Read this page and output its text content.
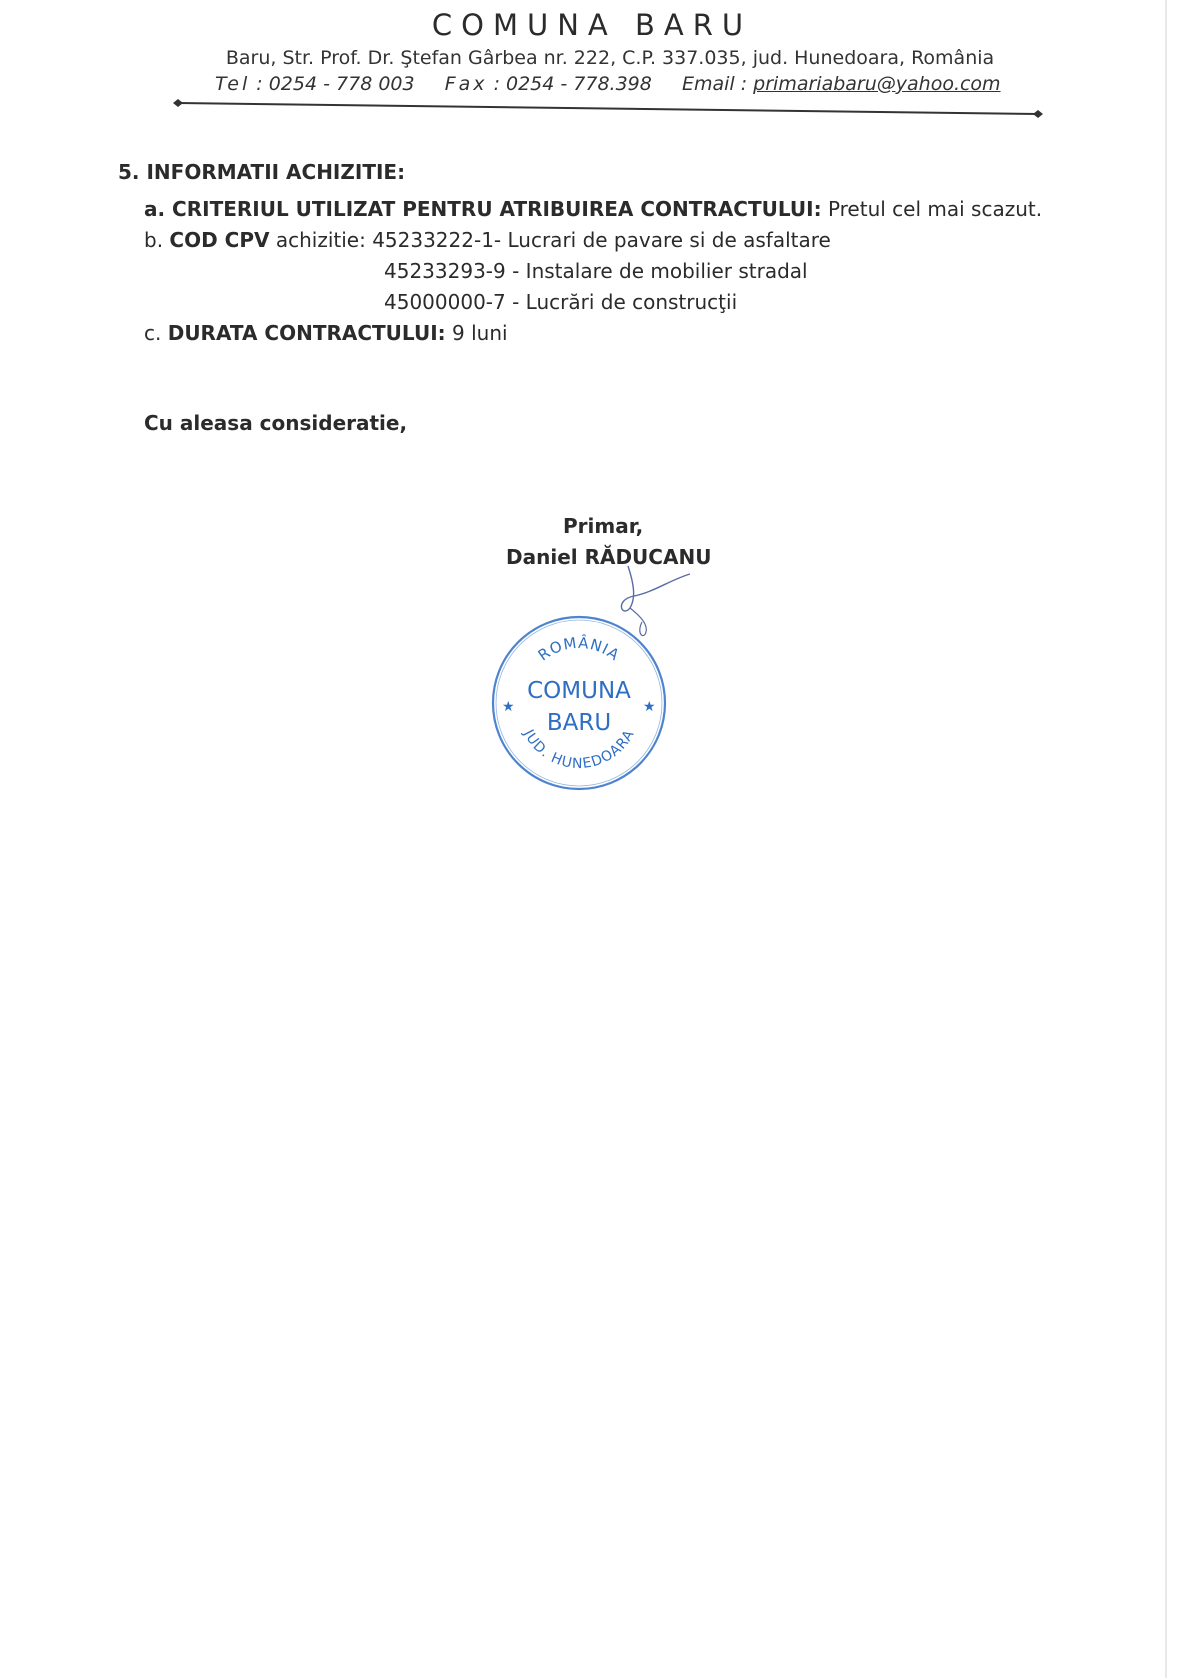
COMUNA BARU
Baru, Str. Prof. Dr. Ştefan Gârbea nr. 222, C.P. 337.035, jud. Hunedoara, România
Tel : 0254 - 778 003 Fax : 0254 - 778.398 Email : primariabaru@yahoo.com
5. INFORMATII ACHIZITIE:
a. CRITERIUL UTILIZAT PENTRU ATRIBUIREA CONTRACTULUI: Pretul cel mai scazut.
b. COD CPV achizitie: 45233222-1- Lucrari de pavare si de asfaltare
45233293-9 - Instalare de mobilier stradal
45000000-7 - Lucrări de construcţii
c. DURATA CONTRACTULUI: 9 luni
Cu aleasa consideratie,
Primar,
Daniel RĂDUCANU
ROMÂNIA
COMUNA
BARU
★	★
JUD. HUNEDOARA
